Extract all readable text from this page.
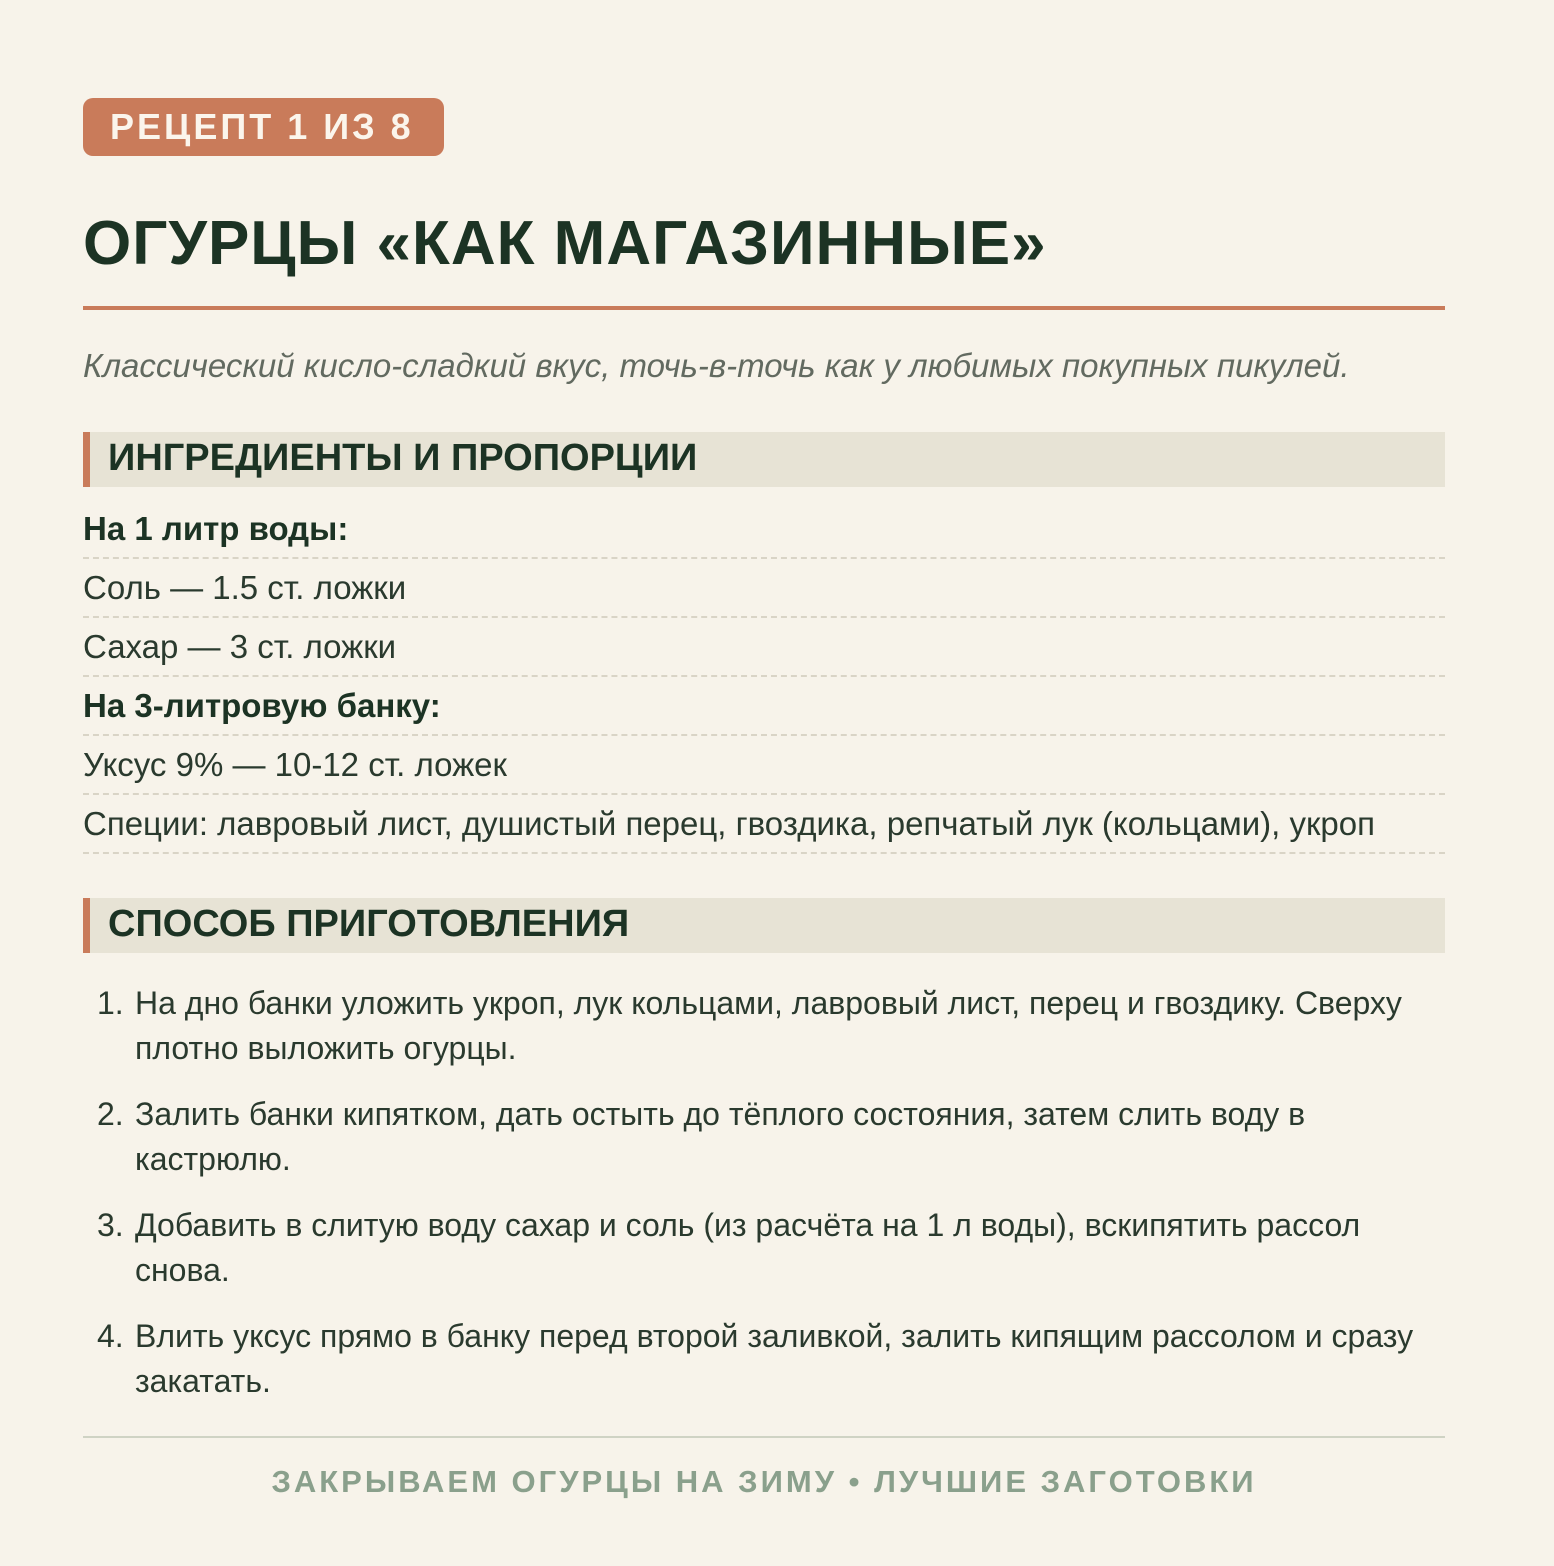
РЕЦЕПТ 1 ИЗ 8
ОГУРЦЫ «КАК МАГАЗИННЫЕ»
Классический кисло-сладкий вкус, точь-в-точь как у любимых покупных пикулей.
ИНГРЕДИЕНТЫ И ПРОПОРЦИИ
На 1 литр воды:
Соль — 1.5 ст. ложки
Сахар — 3 ст. ложки
На 3-литровую банку:
Уксус 9% — 10-12 ст. ложек
Специи: лавровый лист, душистый перец, гвоздика, репчатый лук (кольцами), укроп
СПОСОБ ПРИГОТОВЛЕНИЯ
1. На дно банки уложить укроп, лук кольцами, лавровый лист, перец и гвоздику. Сверху плотно выложить огурцы.
2. Залить банки кипятком, дать остыть до тёплого состояния, затем слить воду в кастрюлю.
3. Добавить в слитую воду сахар и соль (из расчёта на 1 л воды), вскипятить рассол снова.
4. Влить уксус прямо в банку перед второй заливкой, залить кипящим рассолом и сразу закатать.
ЗАКРЫВАЕМ ОГУРЦЫ НА ЗИМУ • ЛУЧШИЕ ЗАГОТОВКИ
